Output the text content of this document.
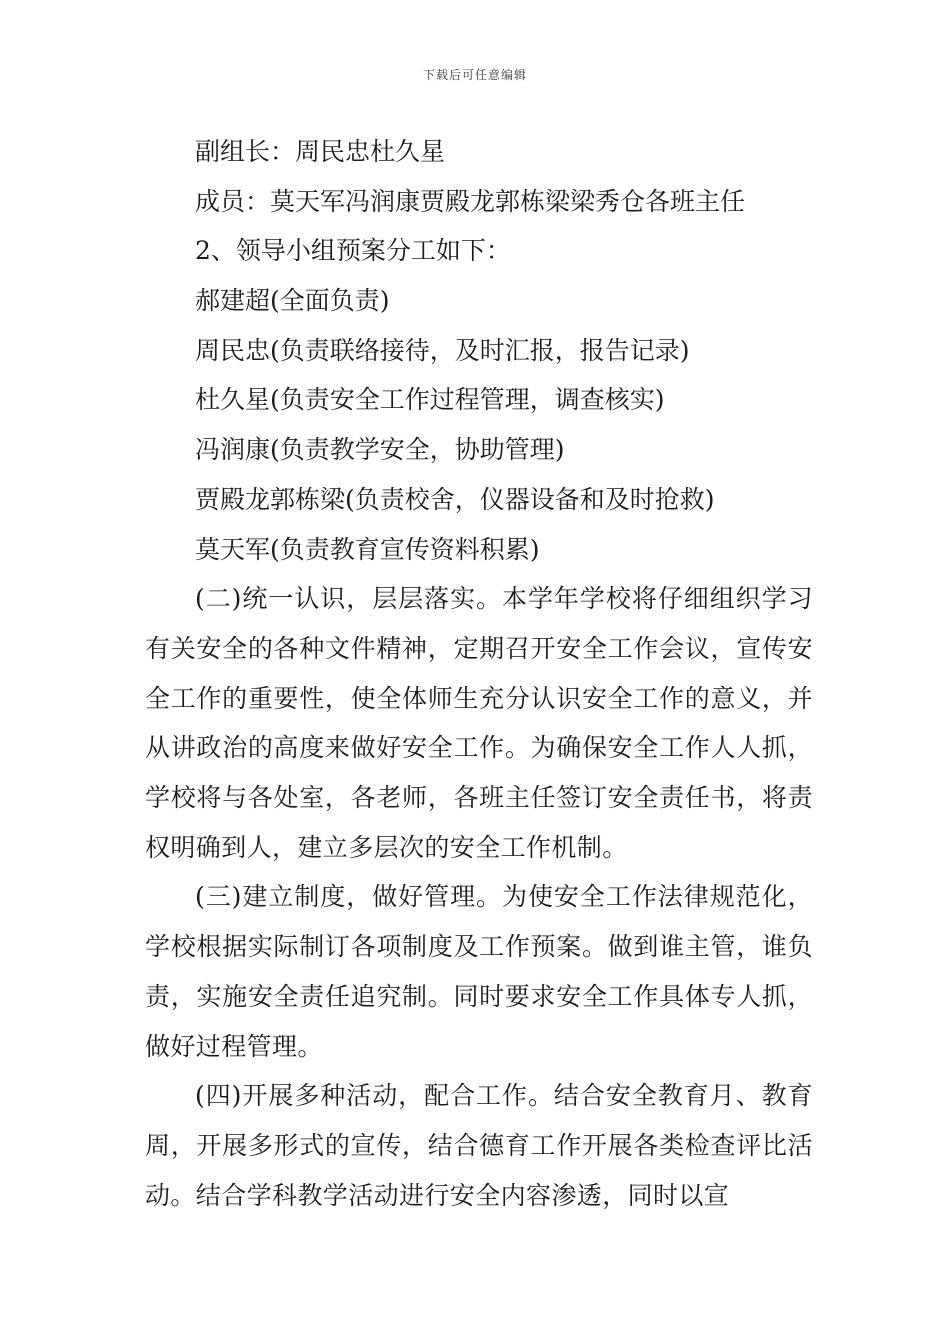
下载后可任意编辑
副组长：周民忠杜久星
成员：莫天军冯润康贾殿龙郭栋梁梁秀仓各班主任
2、领导小组预案分工如下：
郝建超(全面负责)
周民忠(负责联络接待，及时汇报，报告记录)
杜久星(负责安全工作过程管理，调查核实)
冯润康(负责教学安全，协助管理)
贾殿龙郭栋梁(负责校舍，仪器设备和及时抢救)
莫天军(负责教育宣传资料积累)

(二)统一认识，层层落实。本学年学校将仔细组织学习有关安全的各种文件精神，定期召开安全工作会议，宣传安全工作的重要性，使全体师生充分认识安全工作的意义，并从讲政治的高度来做好安全工作。为确保安全工作人人抓，学校将与各处室，各老师，各班主任签订安全责任书，将责权明确到人，建立多层次的安全工作机制。

(三)建立制度，做好管理。为使安全工作法律规范化，学校根据实际制订各项制度及工作预案。做到谁主管，谁负责，实施安全责任追究制。同时要求安全工作具体专人抓，做好过程管理。

(四)开展多种活动，配合工作。结合安全教育月、教育周，开展多形式的宣传，结合德育工作开展各类检查评比活动。结合学科教学活动进行安全内容渗透，同时以宣
